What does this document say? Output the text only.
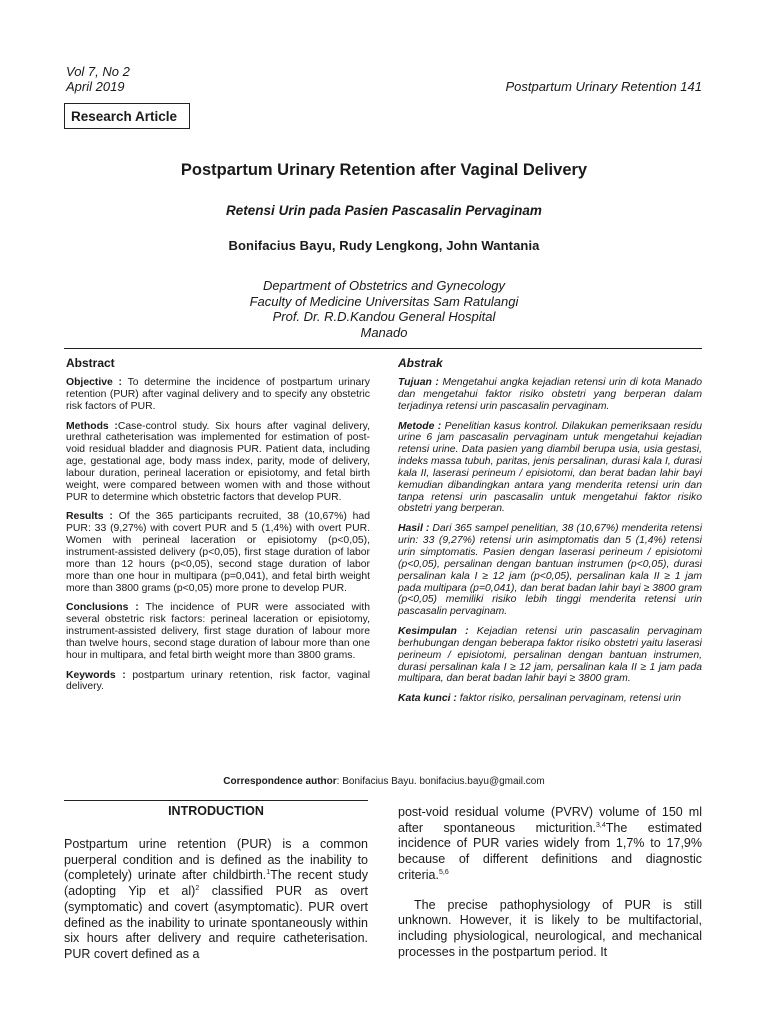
Vol 7, No 2
April 2019	Postpartum Urinary Retention 141
Research Article
Postpartum Urinary Retention after Vaginal Delivery
Retensi Urin pada Pasien Pascasalin Pervaginam
Bonifacius Bayu, Rudy Lengkong, John Wantania
Department of Obstetrics and Gynecology
Faculty of Medicine Universitas Sam Ratulangi
Prof. Dr. R.D.Kandou General Hospital
Manado
Abstract

Objective : To determine the incidence of postpartum urinary retention (PUR) after vaginal delivery and to specify any obstetric risk factors of PUR.

Methods :Case-control study. Six hours after vaginal delivery, urethral catheterisation was implemented for estimation of post-void residual bladder and diagnosis PUR. Patient data, including age, gestational age, body mass index, parity, mode of delivery, labour duration, perineal laceration or episiotomy, and fetal birth weight, were compared between women with and those without PUR to determine which obstetric factors that develop PUR.

Results : Of the 365 participants recruited, 38 (10,67%) had PUR: 33 (9,27%) with covert PUR and 5 (1,4%) with overt PUR. Women with perineal laceration or episiotomy (p<0,05), instrument-assisted delivery (p<0,05), first stage duration of labor more than 12 hours (p<0,05), second stage duration of labor more than one hour in multipara (p=0,041), and fetal birth weight more than 3800 grams (p<0,05) more prone to develop PUR.

Conclusions : The incidence of PUR were associated with several obstetric risk factors: perineal laceration or episiotomy, instrument-assisted delivery, first stage duration of labour more than twelve hours, second stage duration of labour more than one hour in multipara, and fetal birth weight more than 3800 grams.

Keywords : postpartum urinary retention, risk factor, vaginal delivery.

Abstrak

Tujuan : Mengetahui angka kejadian retensi urin di kota Manado dan mengetahui faktor risiko obstetri yang berperan dalam terjadinya retensi urin pascasalin pervaginam.

Metode : Penelitian kasus kontrol. Dilakukan pemeriksaan residu urine 6 jam pascasalin pervaginam untuk mengetahui kejadian retensi urine. Data pasien yang diambil berupa usia, usia gestasi, indeks massa tubuh, paritas, jenis persalinan, durasi kala I, durasi kala II, laserasi perineum / episiotomi, dan berat badan lahir bayi kemudian dibandingkan antara yang menderita retensi urin dan tanpa retensi urin pascasalin untuk mengetahui faktor risiko obstetri yang berperan.

Hasil : Dari 365 sampel penelitian, 38 (10,67%) menderita retensi urin: 33 (9,27%) retensi urin asimptomatis dan 5 (1,4%) retensi urin simptomatis. Pasien dengan laserasi perineum / episiotomi (p<0,05), persalinan dengan bantuan instrumen (p<0,05), durasi persalinan kala I ≥ 12 jam (p<0,05), persalinan kala II ≥ 1 jam pada multipara (p=0,041), dan berat badan lahir bayi ≥ 3800 gram (p<0,05) memiliki risiko lebih tinggi menderita retensi urin pascasalin pervaginam.

Kesimpulan : Kejadian retensi urin pascasalin pervaginam berhubungan dengan beberapa faktor risiko obstetri yaitu laserasi perineum / episiotomi, persalinan dengan bantuan instrumen, durasi persalinan kala I ≥ 12 jam, persalinan kala II ≥ 1 jam pada multipara, dan berat badan lahir bayi ≥ 3800 gram.

Kata kunci : faktor risiko, persalinan pervaginam, retensi urin

Correspondence author: Bonifacius Bayu. bonifacius.bayu@gmail.com
INTRODUCTION

Postpartum urine retention (PUR) is a common puerperal condition and is defined as the inability to (completely) urinate after childbirth.$^1$The recent study (adopting Yip et al)$^2$ classified PUR as overt (symptomatic) and covert (asymptomatic). PUR overt defined as the inability to urinate spontaneously within six hours after delivery and require catheterisation. PUR covert defined as a

post-void residual volume (PVRV) volume of 150 ml after spontaneous micturition.$^{3,4}$The estimated incidence of PUR varies widely from 1,7% to 17,9% because of different definitions and diagnostic criteria.$^{5,6}$

The precise pathophysiology of PUR is still unknown. However, it is likely to be multifactorial, including physiological, neurological, and mechanical processes in the postpartum period. It
